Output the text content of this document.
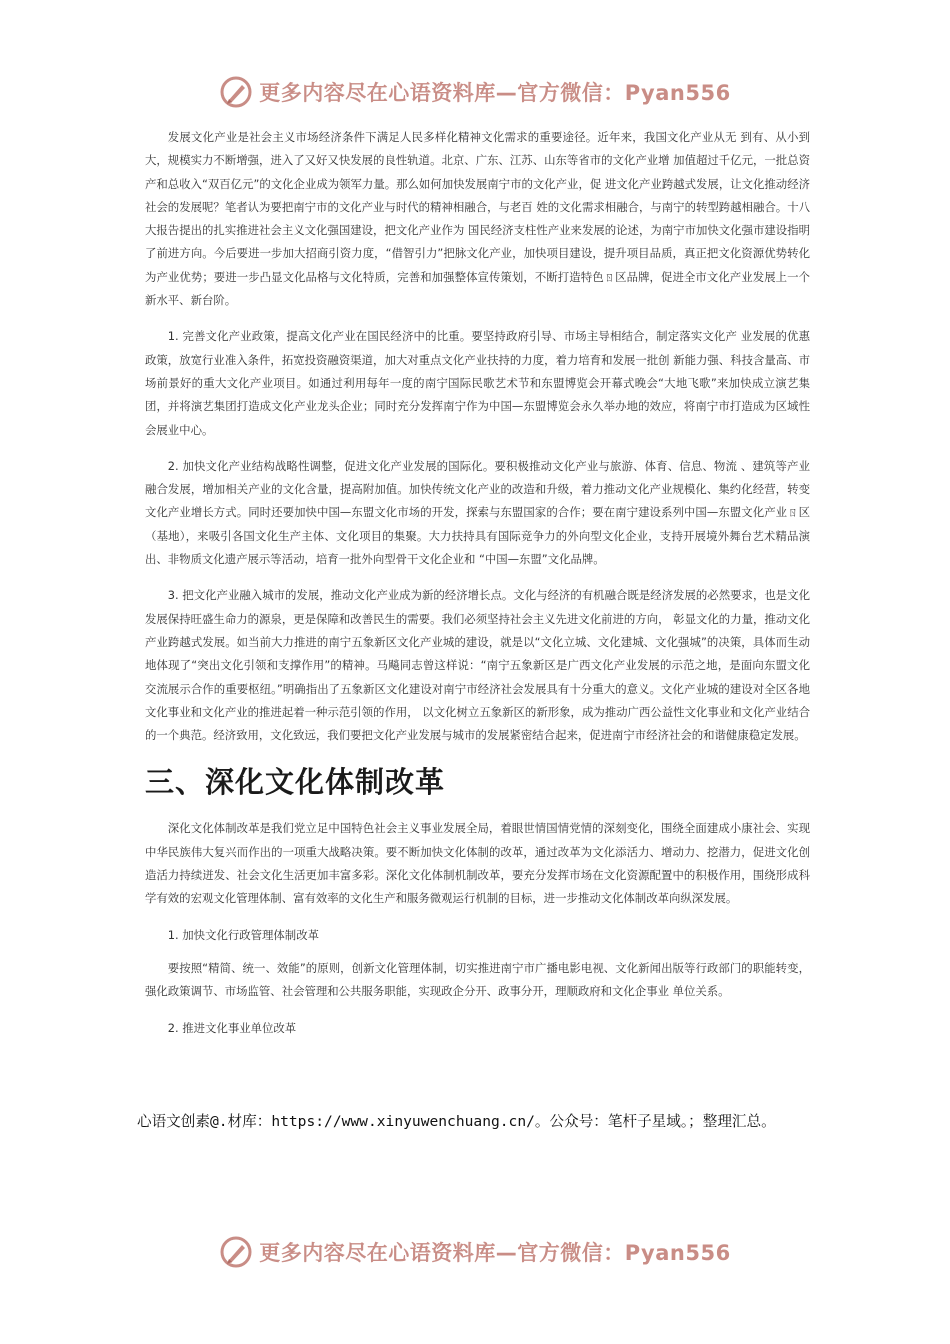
更多内容尽在心语资料库—官方微信：Pyan556

发展文化产业是社会主义市场经济条件下满足人民多样化精神文化需求的重要途径。近年来，我国文化产业从无 到有、从小到大，规模实力不断增强，进入了又好又快发展的良性轨道。北京、广东、江苏、山东等省市的文化产业增 加值超过千亿元，一批总资产和总收入“双百亿元”的文化企业成为领军力量。那么如何加快发展南宁市的文化产业，促 进文化产业跨越式发展，让文化推动经济社会的发展呢？笔者认为要把南宁市的文化产业与时代的精神相融合，与老百 姓的文化需求相融合，与南宁的转型跨越相融合。十八大报告提出的扎实推进社会主义文化强国建设，把文化产业作为 国民经济支柱性产业来发展的论述，为南宁市加快文化强市建设指明了前进方向。今后要进一步加大招商引资力度，“借智引力”把脉文化产业，加快项目建设，提升项目品质，真正把文化资源优势转化为产业优势；要进一步凸显文化品格与文化特质，完善和加强整体宣传策划，不断打造特色ㄖ区品牌，促进全市文化产业发展上一个新水平、新台阶。

1. 完善文化产业政策，提高文化产业在国民经济中的比重。要坚持政府引导、市场主导相结合，制定落实文化产 业发展的优惠政策，放宽行业准入条件，拓宽投资融资渠道，加大对重点文化产业扶持的力度，着力培育和发展一批创 新能力强、科技含量高、市场前景好的重大文化产业项目。如通过利用每年一度的南宁国际民歌艺术节和东盟博览会开幕式晚会“大地飞歌”来加快成立演艺集团，并将演艺集团打造成文化产业龙头企业；同时充分发挥南宁作为中国—东盟博览会永久举办地的效应，将南宁市打造成为区域性会展业中心。

2. 加快文化产业结构战略性调整，促进文化产业发展的国际化。要积极推动文化产业与旅游、体育、信息、物流 、建筑等产业融合发展，增加相关产业的文化含量，提高附加值。加快传统文化产业的改造和升级，着力推动文化产业规模化、集约化经营，转变文化产业增长方式。同时还要加快中国—东盟文化市场的开发，探索与东盟国家的合作；要在南宁建设系列中国—东盟文化产业ㄖ区（基地），来吸引各国文化生产主体、文化项目的集聚。大力扶持具有国际竞争力的外向型文化企业，支持开展境外舞台艺术精品演出、非物质文化遗产展示等活动，培育一批外向型骨干文化企业和 “中国—东盟”文化品牌。

3. 把文化产业融入城市的发展，推动文化产业成为新的经济增长点。文化与经济的有机融合既是经济发展的必然要求，也是文化发展保持旺盛生命力的源泉，更是保障和改善民生的需要。我们必须坚持社会主义先进文化前进的方向， 彰显文化的力量，推动文化产业跨越式发展。如当前大力推进的南宁五象新区文化产业城的建设，就是以“文化立城、文化建城、文化强城”的决策，具体而生动地体现了“突出文化引领和支撑作用”的精神。马飚同志曾这样说：“南宁五象新区是广西文化产业发展的示范之地，是面向东盟文化交流展示合作的重要枢纽。”明确指出了五象新区文化建设对南宁市经济社会发展具有十分重大的意义。文化产业城的建设对全区各地文化事业和文化产业的推进起着一种示范引领的作用， 以文化树立五象新区的新形象，成为推动广西公益性文化事业和文化产业结合的一个典范。经济致用，文化致远，我们要把文化产业发展与城市的发展紧密结合起来，促进南宁市经济社会的和谐健康稳定发展。

三、深化文化体制改革

深化文化体制改革是我们党立足中国特色社会主义事业发展全局，着眼世情国情党情的深刻变化，围绕全面建成小康社会、实现中华民族伟大复兴而作出的一项重大战略决策。要不断加快文化体制的改革，通过改革为文化添活力、增动力、挖潜力，促进文化创造活力持续迸发、社会文化生活更加丰富多彩。深化文化体制机制改革，要充分发挥市场在文化资源配置中的积极作用，围绕形成科学有效的宏观文化管理体制、富有效率的文化生产和服务微观运行机制的目标，进一步推动文化体制改革向纵深发展。

1. 加快文化行政管理体制改革

要按照“精简、统一、效能”的原则，创新文化管理体制，切实推进南宁市广播电影电视、文化新闻出版等行政部门的职能转变，强化政策调节、市场监管、社会管理和公共服务职能，实现政企分开、政事分开，理顺政府和文化企事业 单位关系。

2. 推进文化事业单位改革

心语文创素@.材库：https://www.xinyuwenchuang.cn/。公众号：笔杆子星域。；整理汇总。
更多内容尽在心语资料库—官方微信：Pyan556
